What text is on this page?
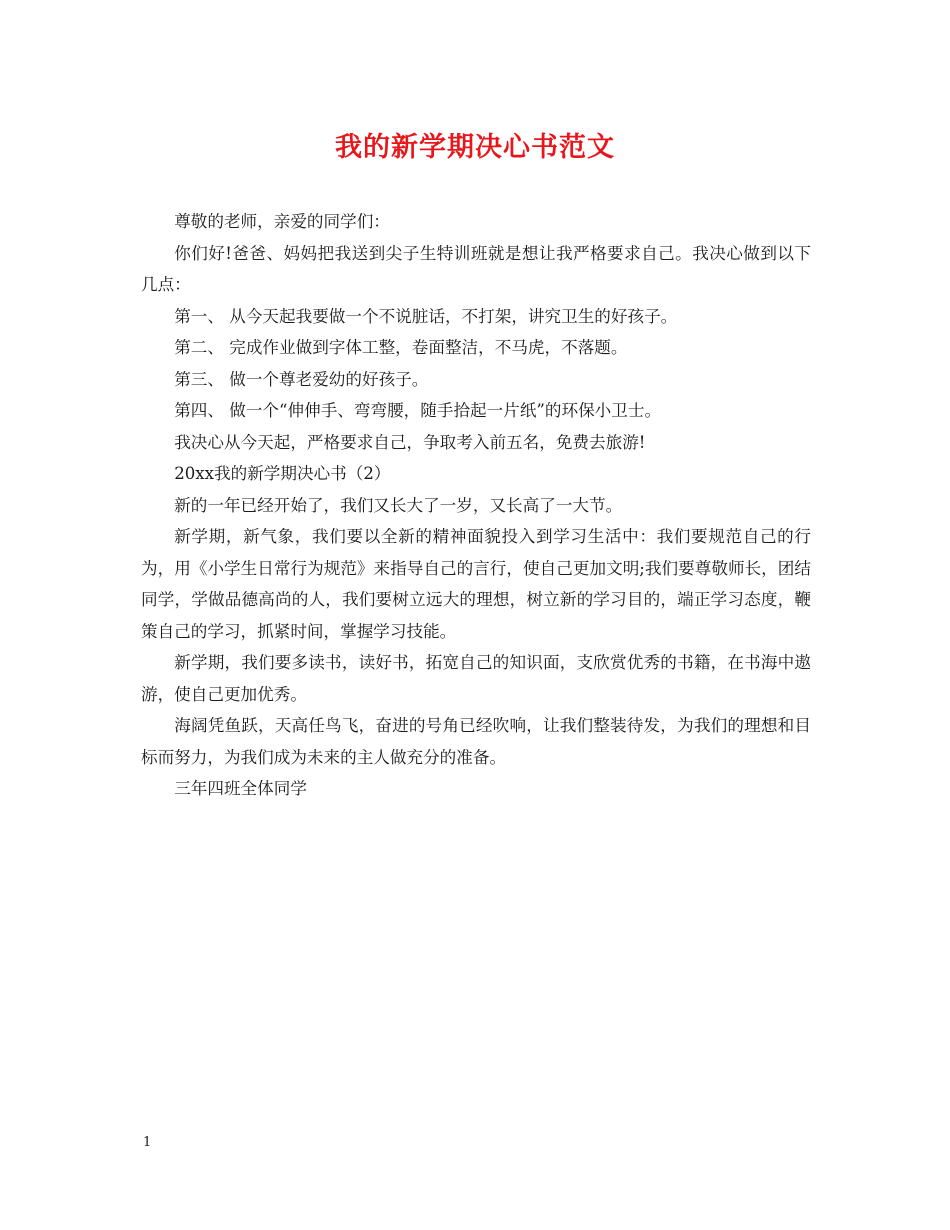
我的新学期决心书范文

尊敬的老师，亲爱的同学们：

你们好!爸爸、妈妈把我送到尖子生特训班就是想让我严格要求自己。我决心做到以下几点：

第一、 从今天起我要做一个不说脏话，不打架，讲究卫生的好孩子。

第二、 完成作业做到字体工整，卷面整洁，不马虎，不落题。

第三、 做一个尊老爱幼的好孩子。

第四、 做一个“伸伸手、弯弯腰，随手拾起一片纸”的环保小卫士。

我决心从今天起，严格要求自己，争取考入前五名，免费去旅游!

20xx我的新学期决心书（2）

新的一年已经开始了，我们又长大了一岁，又长高了一大节。

新学期，新气象，我们要以全新的精神面貌投入到学习生活中：我们要规范自己的行为，用《小学生日常行为规范》来指导自己的言行，使自己更加文明;我们要尊敬师长，团结同学，学做品德高尚的人，我们要树立远大的理想，树立新的学习目的，端正学习态度，鞭策自己的学习，抓紧时间，掌握学习技能。

新学期，我们要多读书，读好书，拓宽自己的知识面，支欣赏优秀的书籍，在书海中遨游，使自己更加优秀。

海阔凭鱼跃，天高任鸟飞，奋进的号角已经吹响，让我们整装待发，为我们的理想和目标而努力，为我们成为未来的主人做充分的准备。

三年四班全体同学

1
